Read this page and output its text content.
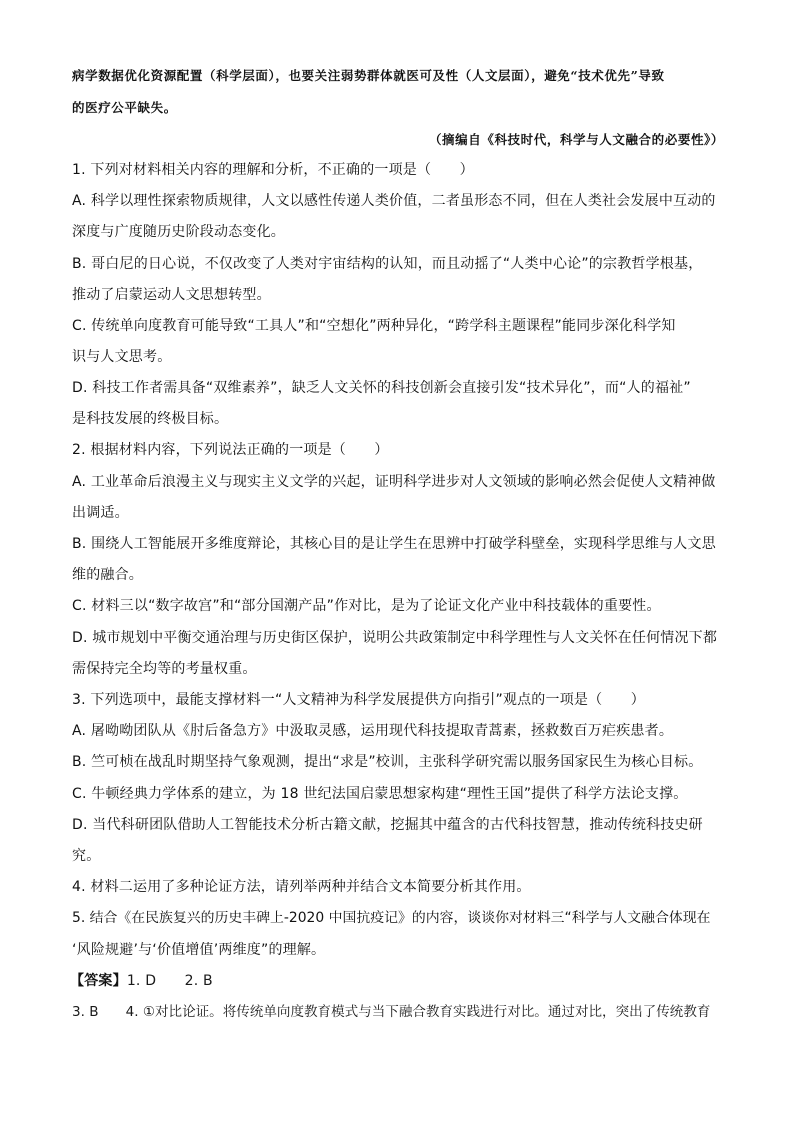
病学数据优化资源配置（科学层面），也要关注弱势群体就医可及性（人文层面），避免“技术优先”导致
的医疗公平缺失。
（摘编自《科技时代，科学与人文融合的必要性》）
1. 下列对材料相关内容的理解和分析，不正确的一项是（　　）
A. 科学以理性探索物质规律，人文以感性传递人类价值，二者虽形态不同，但在人类社会发展中互动的
深度与广度随历史阶段动态变化。
B. 哥白尼的日心说，不仅改变了人类对宇宙结构的认知，而且动摇了“人类中心论”的宗教哲学根基，
推动了启蒙运动人文思想转型。
C. 传统单向度教育可能导致“工具人”和“空想化”两种异化，“跨学科主题课程”能同步深化科学知
识与人文思考。
D. 科技工作者需具备“双维素养”，缺乏人文关怀的科技创新会直接引发“技术异化”，而“人的福祉”
是科技发展的终极目标。
2. 根据材料内容，下列说法正确的一项是（　　）
A. 工业革命后浪漫主义与现实主义文学的兴起，证明科学进步对人文领域的影响必然会促使人文精神做
出调适。
B. 围绕人工智能展开多维度辩论，其核心目的是让学生在思辨中打破学科壁垒，实现科学思维与人文思
维的融合。
C. 材料三以“数字故宫”和“部分国潮产品”作对比，是为了论证文化产业中科技载体的重要性。
D. 城市规划中平衡交通治理与历史街区保护，说明公共政策制定中科学理性与人文关怀在任何情况下都
需保持完全均等的考量权重。
3. 下列选项中，最能支撑材料一“人文精神为科学发展提供方向指引”观点的一项是（　　）
A. 屠呦呦团队从《肘后备急方》中汲取灵感，运用现代科技提取青蒿素，拯救数百万疟疾患者。
B. 竺可桢在战乱时期坚持气象观测，提出“求是”校训，主张科学研究需以服务国家民生为核心目标。
C. 牛顿经典力学体系的建立，为 18 世纪法国启蒙思想家构建“理性王国”提供了科学方法论支撑。
D. 当代科研团队借助人工智能技术分析古籍文献，挖掘其中蕴含的古代科技智慧，推动传统科技史研
究。
4. 材料二运用了多种论证方法，请列举两种并结合文本简要分析其作用。
5. 结合《在民族复兴的历史丰碑上-2020 中国抗疫记》的内容，谈谈你对材料三“科学与人文融合体现在
‘风险规避’与‘价值增值’两维度”的理解。
【答案】1. D　　2. B
3. B　　4. ①对比论证。将传统单向度教育模式与当下融合教育实践进行对比。通过对比，突出了传统教育
